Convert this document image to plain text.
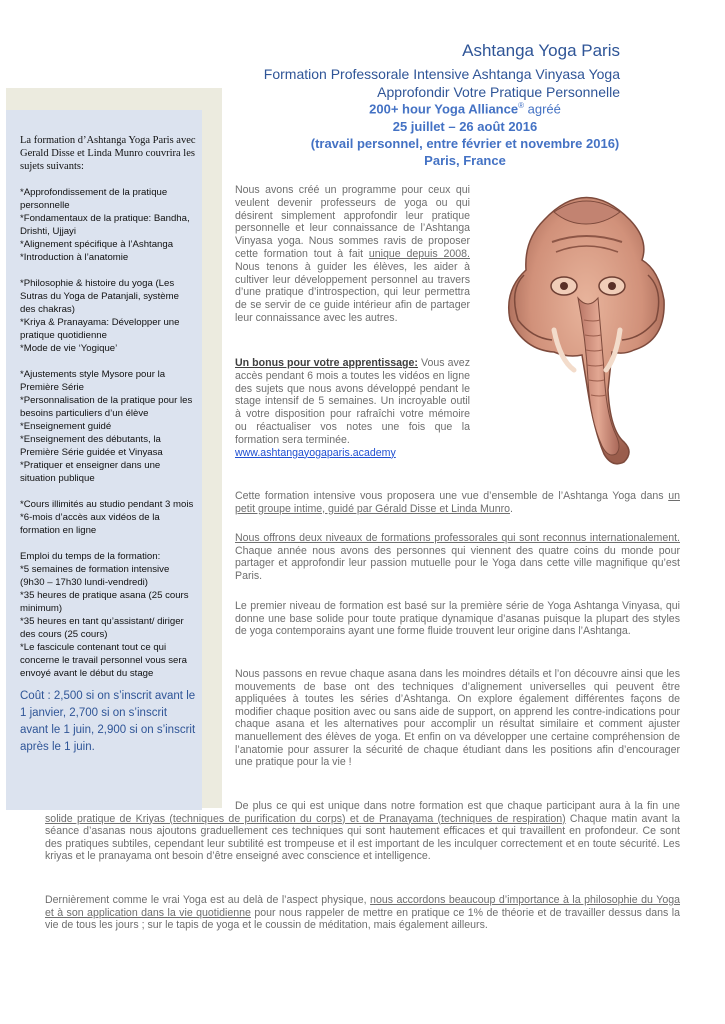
Ashtanga Yoga Paris
Formation Professorale Intensive Ashtanga Vinyasa Yoga
Approfondir Votre Pratique Personnelle
200+ hour Yoga Alliance® agréé
25 juillet – 26 août 2016
(travail personnel, entre février et novembre 2016)
Paris, France
La formation d’Ashtanga Yoga Paris avec Gerald Disse et Linda Munro couvrira les sujets suivants:
*Approfondissement de la pratique personnelle
*Fondamentaux de la pratique: Bandha, Drishti, Ujjayi
*Alignement spécifique à l’Ashtanga
*Introduction à l’anatomie
*Philosophie & histoire du yoga (Les Sutras du Yoga de Patanjali, système des chakras)
*Kriya & Pranayama: Développer une pratique quotidienne
*Mode de vie ‘Yogique’
*Ajustements style Mysore pour la Première Série
*Personnalisation de la pratique pour les besoins particuliers d’un élève
*Enseignement guidé
*Enseignement des débutants, la Première Série guidée et Vinyasa
*Pratiquer et enseigner dans une situation publique
*Cours illimités au studio pendant 3 mois
*6-mois d’accès aux vidéos de la formation en ligne
Emploi du temps de la formation:
*5 semaines de formation intensive (9h30 – 17h30 lundi-vendredi)
*35 heures de pratique asana (25 cours minimum)
*35 heures en tant qu’assistant/ diriger des cours (25 cours)
*Le fascicule contenant tout ce qui concerne le travail personnel vous sera envoyé avant le début du stage
Coût : 2,500 si on s’inscrit avant le 1 janvier, 2,700 si on s’inscrit avant le 1 juin, 2,900 si on s’inscrit après le 1 juin.
Nous avons créé un programme pour ceux qui veulent devenir professeurs de yoga ou qui désirent simplement approfondir leur pratique personnelle et leur connaissance de l’Ashtanga Vinyasa yoga. Nous sommes ravis de proposer cette formation tout à fait unique depuis 2008. Nous tenons à guider les élèves, les aider à cultiver leur développement personnel au travers d’une pratique d’introspection, qui leur permettra de se servir de ce guide intérieur afin de partager leur connaissance avec les autres.
Un bonus pour votre apprentissage: Vous avez accès pendant 6 mois a toutes les vidéos en ligne des sujets que nous avons développé pendant le stage intensif de 5 semaines. Un incroyable outil à votre disposition pour rafraîchi votre mémoire ou réactualiser vos notes une fois que la formation sera terminée.
www.ashtangayogaparis.academy
Cette formation intensive vous proposera une vue d’ensemble de l’Ashtanga Yoga dans un petit groupe intime, guidé par Gérald Disse et Linda Munro.
Nous offrons deux niveaux de formations professorales qui sont reconnus internationalement. Chaque année nous avons des personnes qui viennent des quatre coins du monde pour partager et approfondir leur passion mutuelle pour le Yoga dans cette ville magnifique qu’est Paris.
Le premier niveau de formation est basé sur la première série de Yoga Ashtanga Vinyasa, qui donne une base solide pour toute pratique dynamique d’asanas puisque la plupart des styles de yoga contemporains ayant une forme fluide trouvent leur origine dans l’Ashtanga.
Nous passons en revue chaque asana dans les moindres détails et l’on découvre ainsi que les mouvements de base ont des techniques d’alignement universelles qui peuvent être appliquées à toutes les séries d’Ashtanga. On explore également différentes façons de modifier chaque position avec ou sans aide de support, on apprend les contre-indications pour chaque asana et les alternatives pour accomplir un résultat similaire et comment ajuster manuellement des élèves de yoga. Et enfin on va développer une certaine compréhension de l’anatomie pour assurer la sécurité de chaque étudiant dans les positions afin d’encourager une pratique pour la vie !
De plus ce qui est unique dans notre formation est que chaque participant aura à la fin une solide pratique de Kriyas (techniques de purification du corps) et de Pranayama (techniques de respiration) Chaque matin avant la séance d’asanas nous ajoutons graduellement ces techniques qui sont hautement efficaces et qui travaillent en profondeur. Ce sont des pratiques subtiles, cependant leur subtilité est trompeuse et il est important de les inculquer correctement et en toute sécurité. Les kriyas et le pranayama ont besoin d’être enseigné avec conscience et intelligence.
Dernièrement comme le vrai Yoga est au delà de l’aspect physique, nous accordons beaucoup d’importance à la philosophie du Yoga et à son application dans la vie quotidienne pour nous rappeler de mettre en pratique ce 1% de théorie et de travailler dessus dans la vie de tous les jours ; sur le tapis de yoga et le coussin de méditation, mais également ailleurs.
